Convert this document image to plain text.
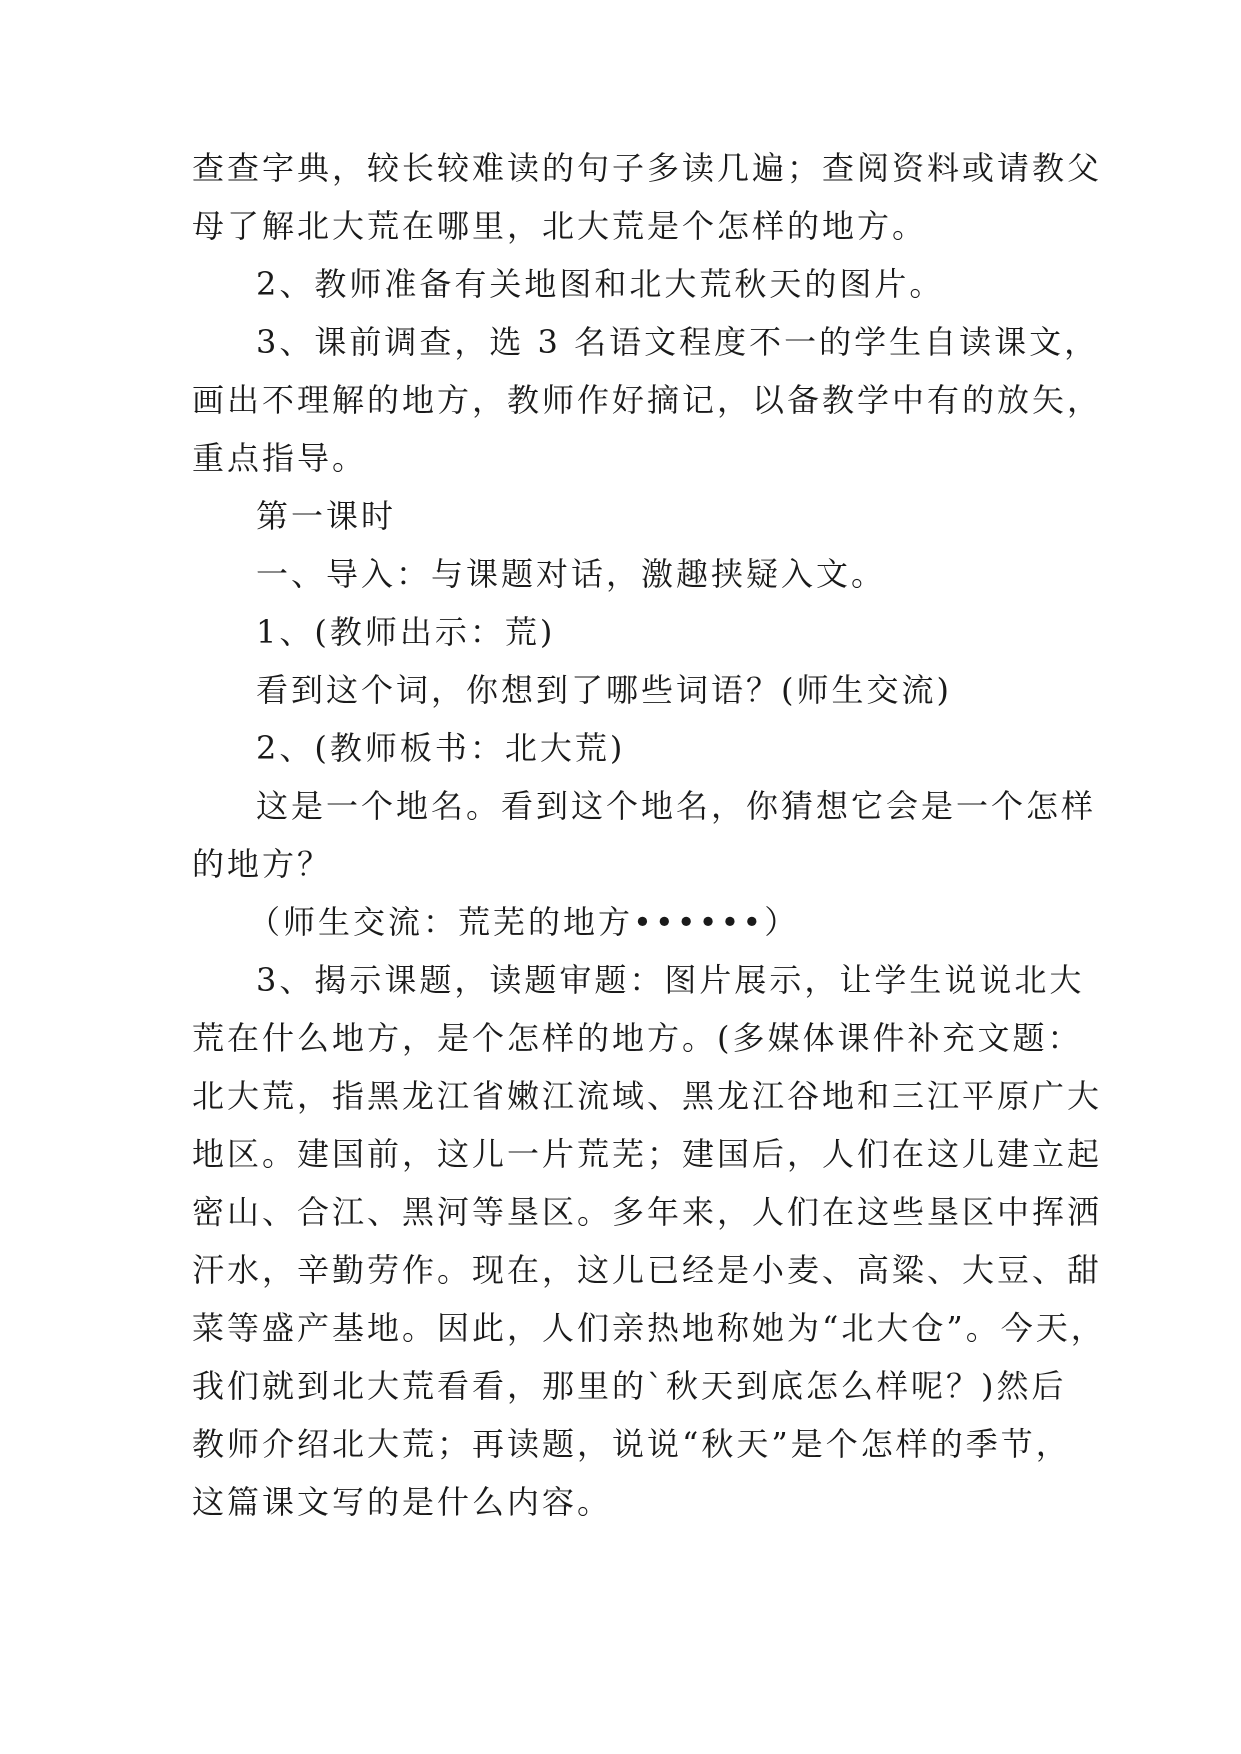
查查字典，较长较难读的句子多读几遍；查阅资料或请教父
母了解北大荒在哪里，北大荒是个怎样的地方。
2、教师准备有关地图和北大荒秋天的图片。
3、课前调查，选 3 名语文程度不一的学生自读课文，
画出不理解的地方，教师作好摘记，以备教学中有的放矢，
重点指导。
第一课时
一、导入：与课题对话，激趣挟疑入文。
1、(教师出示：荒)
看到这个词，你想到了哪些词语？(师生交流)
2、(教师板书：北大荒)
这是一个地名。看到这个地名，你猜想它会是一个怎样
的地方？
（师生交流：荒芜的地方••••••）
3、揭示课题，读题审题：图片展示，让学生说说北大
荒在什么地方，是个怎样的地方。(多媒体课件补充文题：
北大荒，指黑龙江省嫩江流域、黑龙江谷地和三江平原广大
地区。建国前，这儿一片荒芜；建国后，人们在这儿建立起
密山、合江、黑河等垦区。多年来，人们在这些垦区中挥洒
汗水，辛勤劳作。现在，这儿已经是小麦、高粱、大豆、甜
菜等盛产基地。因此，人们亲热地称她为“北大仓”。今天，
我们就到北大荒看看，那里的`秋天到底怎么样呢？)然后
教师介绍北大荒；再读题，说说“秋天”是个怎样的季节，
这篇课文写的是什么内容。
